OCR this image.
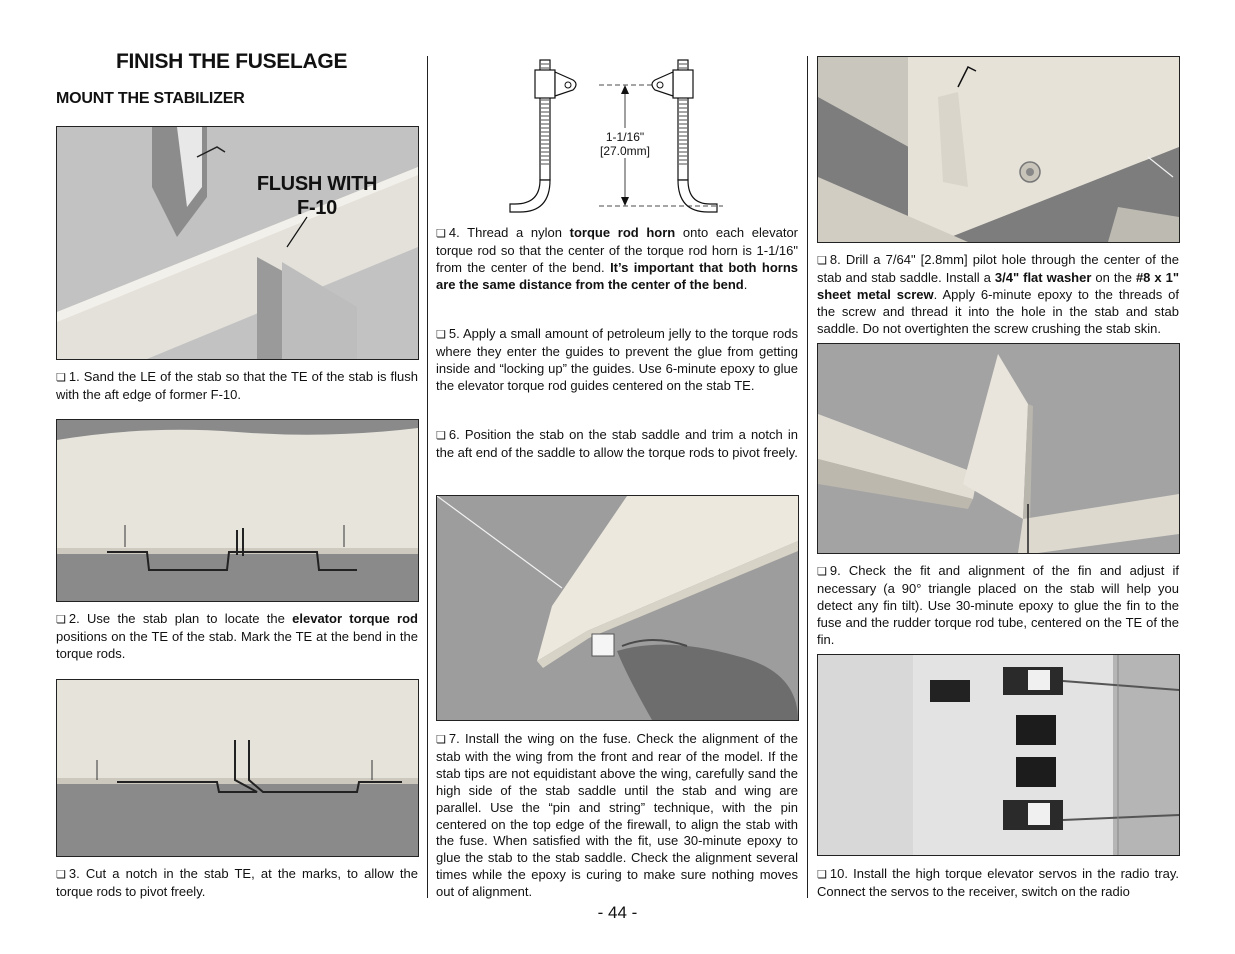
FINISH THE FUSELAGE
MOUNT THE STABILIZER
FLUSH WITH
F-10

❏ 1. Sand the LE of the stab so that the TE of the stab is flush with the aft edge of former F-10.

❏ 2. Use the stab plan to locate the elevator torque rod positions on the TE of the stab. Mark the TE at the bend in the torque rods.

❏ 3. Cut a notch in the stab TE, at the marks, to allow the torque rods to pivot freely.

1-1/16"
[27.0mm]

❏ 4. Thread a nylon torque rod horn onto each elevator torque rod so that the center of the torque rod horn is 1-1/16" from the center of the bend. It’s important that both horns are the same distance from the center of the bend.

❏ 5. Apply a small amount of petroleum jelly to the torque rods where they enter the guides to prevent the glue from getting inside and “locking up” the guides. Use 6-minute epoxy to glue the elevator torque rod guides centered on the stab TE.

❏ 6. Position the stab on the stab saddle and trim a notch in the aft end of the saddle to allow the torque rods to pivot freely.

❏ 7. Install the wing on the fuse. Check the alignment of the stab with the wing from the front and rear of the model. If the stab tips are not equidistant above the wing, carefully sand the high side of the stab saddle until the stab and wing are parallel. Use the “pin and string” technique, with the pin centered on the top edge of the firewall, to align the stab with the fuse. When satisfied with the fit, use 30-minute epoxy to glue the stab to the stab saddle. Check the alignment several times while the epoxy is curing to make sure nothing moves out of alignment.

❏ 8. Drill a 7/64" [2.8mm] pilot hole through the center of the stab and stab saddle. Install a 3/4" flat washer on the #8 x 1" sheet metal screw. Apply 6-minute epoxy to the threads of the screw and thread it into the hole in the stab and stab saddle. Do not overtighten the screw crushing the stab skin.

❏ 9. Check the fit and alignment of the fin and adjust if necessary (a 90° triangle placed on the stab will help you detect any fin tilt). Use 30-minute epoxy to glue the fin to the fuse and the rudder torque rod tube, centered on the TE of the fin.

❏ 10. Install the high torque elevator servos in the radio tray. Connect the servos to the receiver, switch on the radio

- 44 -
